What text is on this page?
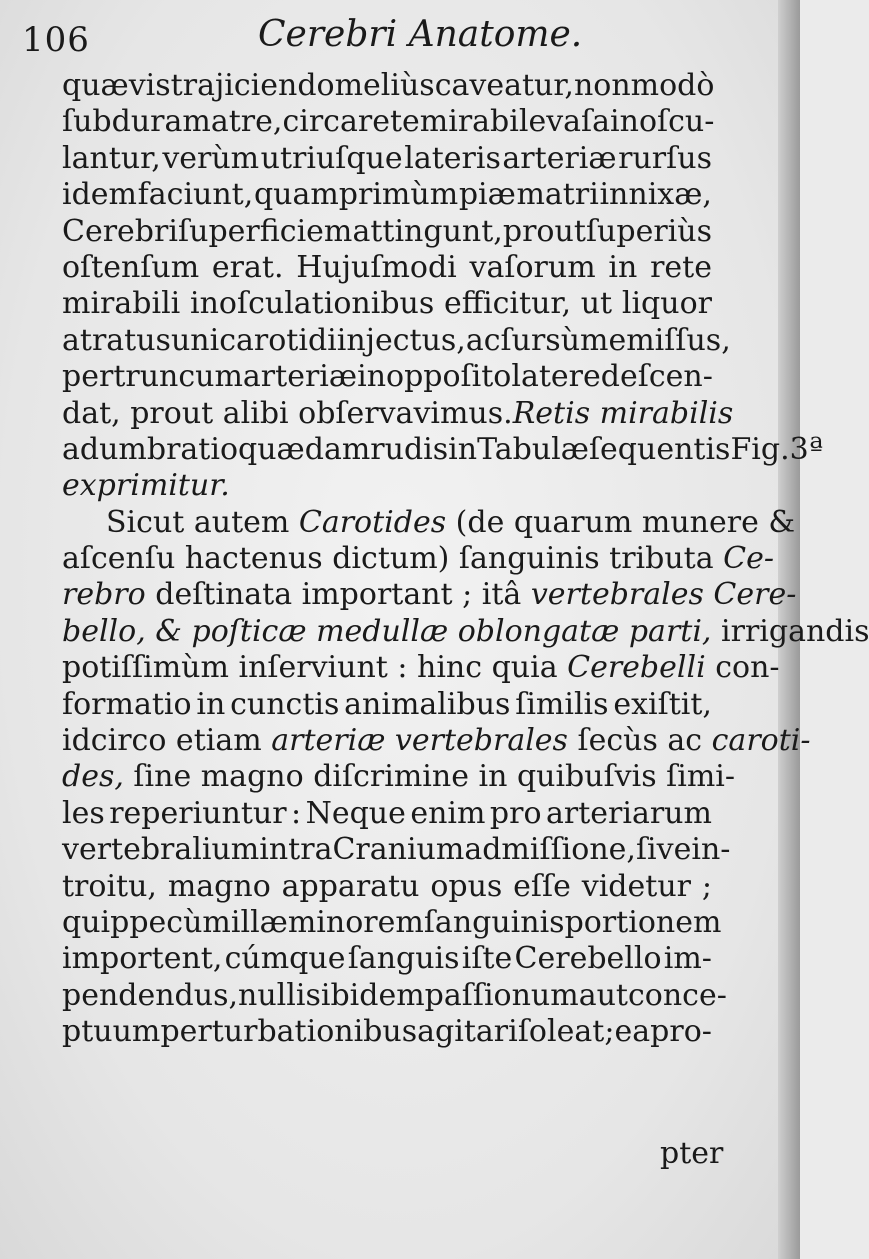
106	Cerebri Anatome.
quævis trajiciendo meliùs caveatur, non modò
ſub dura matre, circa rete mirabile vaſa inoſcu-
lantur, verùm utriuſque lateris arteriæ rurſus
idem faciunt, quamprimùm piæ matri innixæ,
Cerebri ſuperficiem attingunt, prout ſuperiùs
oſtenſum erat. Hujuſmodi vaſorum in rete
mirabili inoſculationibus efficitur, ut liquor
atratus uni carotidi injectus,ac ſursùm emiſſus,
per truncum arteriæ in oppoſito latere deſcen-
dat, prout alibi obſervavimus. Retis mirabilis
adumbratio quædam rudis in Tabulæ ſequentis Fig. 3ª
exprimitur.
Sicut autem Carotides (de quarum munere &
aſcenſu hactenus dictum) ſanguinis tributa Ce-
rebro deſtinata important ; itâ vertebrales Cere-
bello, & poſticæ medullæ oblongatæ parti, irrigandis
potiſſimùm inſerviunt : hinc quia Cerebelli con-
formatio in cunctis animalibus ſimilis exiſtit,
idcirco etiam arteriæ vertebrales ſecùs ac caroti-
des, ſine magno diſcrimine in quibuſvis ſimi-
les reperiuntur : Neque enim pro arteriarum
vertebralium intra Cranium admiſſione, ſive in-
troitu, magno apparatu opus eſſe videtur ;
quippe cùm illæ minorem ſanguinis portionem
importent, cúmque ſanguis iſte Cerebello im-
pendendus, nullis ibidem paſſionum aut conce-
ptuum perturbationibus agitari ſoleat ; eapro-
pter
